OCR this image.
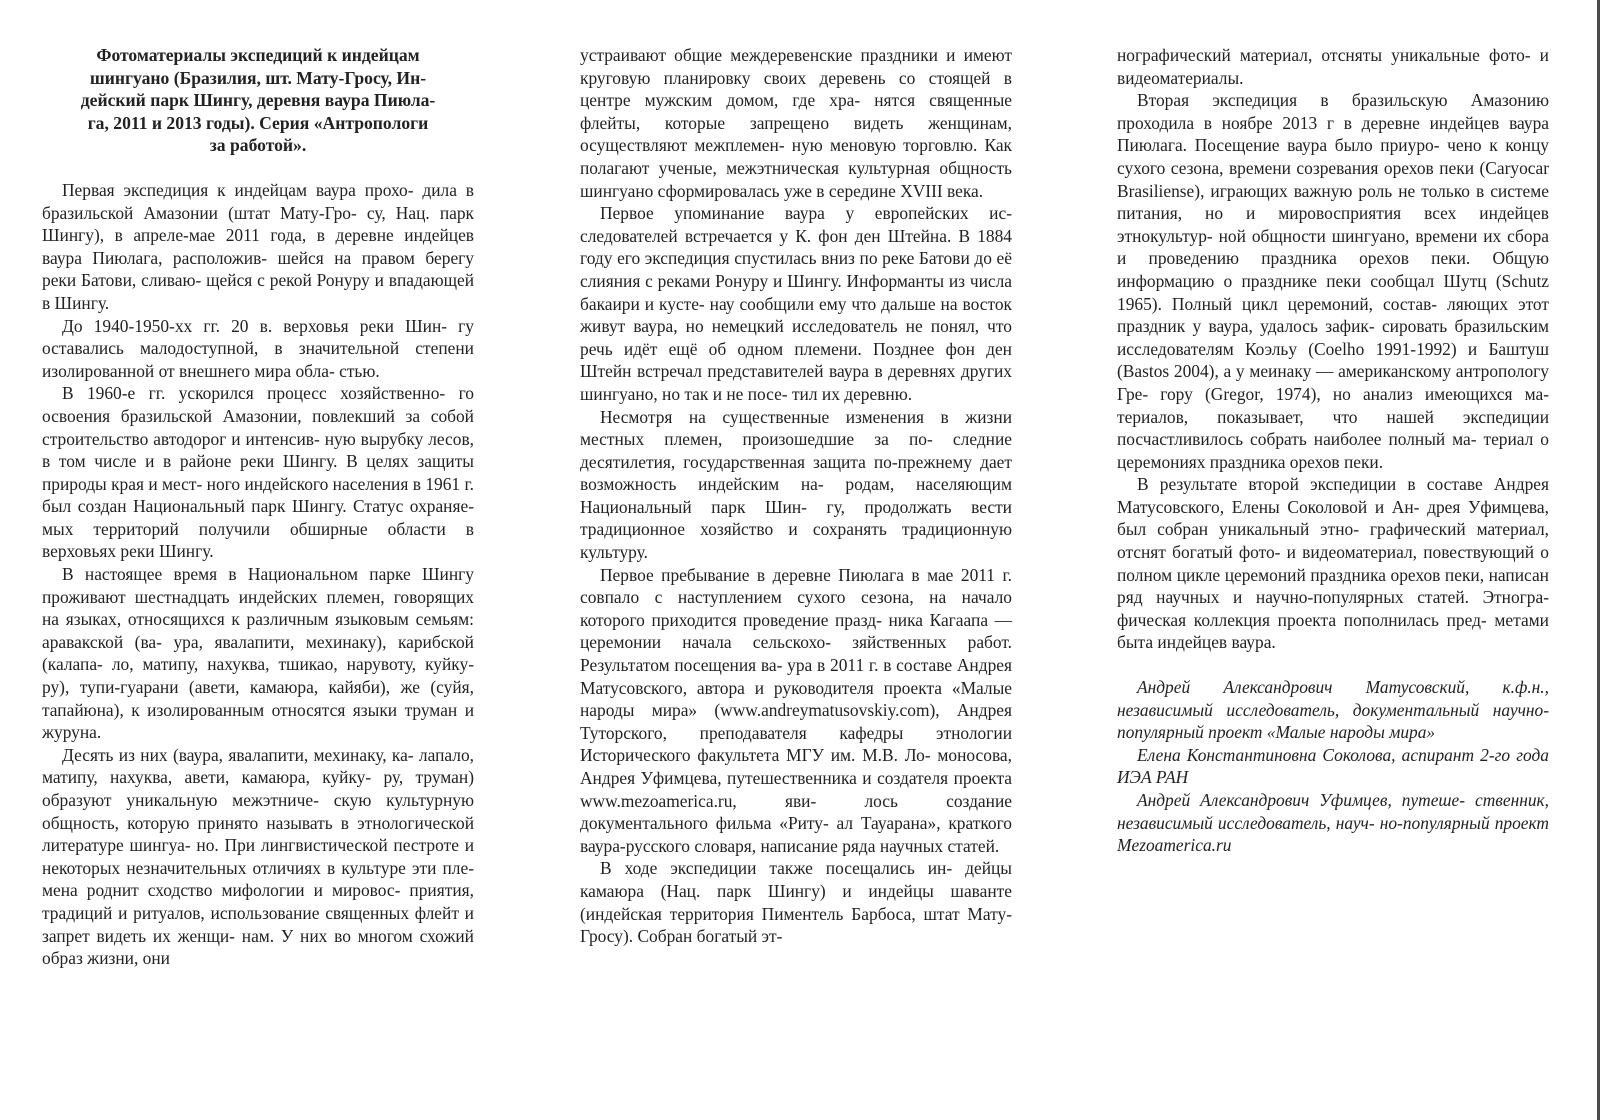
Фотоматериалы экспедиций к индейцам
шингуано (Бразилия, шт. Мату-Гросу, Ин-
дейский парк Шингу, деревня ваура Пиюла-
га, 2011 и 2013 годы). Серия «Антропологи
за работой».

Первая экспедиция к индейцам ваура прохо- дила в бразильской Амазонии (штат Мату-Гро- су, Нац. парк Шингу), в апреле-мае 2011 года, в деревне индейцев ваура Пиюлага, расположив- шейся на правом берегу реки Батови, сливаю- щейся с рекой Ронуру и впадающей в Шингу.

До 1940-1950-хх гг. 20 в. верховья реки Шин- гу оставались малодоступной, в значительной степени изолированной от внешнего мира обла- стью.

В 1960-е гг. ускорился процесс хозяйственно- го освоения бразильской Амазонии, повлекший за собой строительство автодорог и интенсив- ную вырубку лесов, в том числе и в районе реки Шингу. В целях защиты природы края и мест- ного индейского населения в 1961 г. был создан Национальный парк Шингу. Статус охраняе- мых территорий получили обширные области в верховьях реки Шингу.

В настоящее время в Национальном парке Шингу проживают шестнадцать индейских племен, говорящих на языках, относящихся к различным языковым семьям: аравакской (ва- ура, явалапити, мехинаку), карибской (калапа- ло, матипу, нахуква, тшикао, нарувоту, куйку- ру), тупи-гуарани (авети, камаюра, кайяби), же (суйя, тапайюна), к изолированным относятся языки труман и журуна.

Десять из них (ваура, явалапити, мехинаку, ка- лапало, матипу, нахуква, авети, камаюра, куйку- ру, труман) образуют уникальную межэтниче- скую культурную общность, которую принято называть в этнологической литературе шингуа- но. При лингвистической пестроте и некоторых незначительных отличиях в культуре эти пле- мена роднит сходство мифологии и мировос- приятия, традиций и ритуалов, использование священных флейт и запрет видеть их женщи- нам. У них во многом схожий образ жизни, они

устраивают общие междеревенские праздники и имеют круговую планировку своих деревень со стоящей в центре мужским домом, где хра- нятся священные флейты, которые запрещено видеть женщинам, осуществляют межплемен- ную меновую торговлю. Как полагают ученые, межэтническая культурная общность шингуано сформировалась уже в середине XVIII века.

Первое упоминание ваура у европейских ис- следователей встречается у К. фон ден Штейна. В 1884 году его экспедиция спустилась вниз по реке Батови до её слияния с реками Ронуру и Шингу. Информанты из числа бакаири и кусте- нау сообщили ему что дальше на восток живут ваура, но немецкий исследователь не понял, что речь идёт ещё об одном племени. Позднее фон ден Штейн встречал представителей ваура в деревнях других шингуано, но так и не посе- тил их деревню.

Несмотря на существенные изменения в жизни местных племен, произошедшие за по- следние десятилетия, государственная защита по-прежнему дает возможность индейским на- родам, населяющим Национальный парк Шин- гу, продолжать вести традиционное хозяйство и сохранять традиционную культуру.

Первое пребывание в деревне Пиюлага в мае 2011 г. совпало с наступлением сухого сезона, на начало которого приходится проведение празд- ника Кагаапа — церемонии начала сельскохо- зяйственных работ. Результатом посещения ва- ура в 2011 г. в составе Андрея Матусовского, автора и руководителя проекта «Малые народы мира» (www.andreymatusovskiy.com), Андрея Туторского, преподавателя кафедры этнологии Исторического факультета МГУ им. М.В. Ло- моносова, Андрея Уфимцева, путешественника и создателя проекта www.mezoamerica.ru, яви- лось создание документального фильма «Риту- ал Тауарана», краткого ваура-русского словаря, написание ряда научных статей.

В ходе экспедиции также посещались ин- дейцы камаюра (Нац. парк Шингу) и индейцы шаванте (индейская территория Пиментель Барбоса, штат Мату-Гросу). Собран богатый эт-

нографический материал, отсняты уникальные фото- и видеоматериалы.

Вторая экспедиция в бразильскую Амазонию проходила в ноябре 2013 г в деревне индейцев ваура Пиюлага. Посещение ваура было приуро- чено к концу сухого сезона, времени созревания орехов пеки (Caryocar Brasiliense), играющих важную роль не только в системе питания, но и мировосприятия всех индейцев этнокультур- ной общности шингуано, времени их сбора и проведению праздника орехов пеки. Общую информацию о празднике пеки сообщал Шутц (Schutz 1965). Полный цикл церемоний, состав- ляющих этот праздник у ваура, удалось зафик- сировать бразильским исследователям Коэльу (Coelho 1991-1992) и Баштуш (Bastos 2004), а у меинаку — американскому антропологу Гре- гору (Gregor, 1974), но анализ имеющихся ма- териалов, показывает, что нашей экспедиции посчастливилось собрать наиболее полный ма- териал о церемониях праздника орехов пеки.

В результате второй экспедиции в составе Андрея Матусовского, Елены Соколовой и Ан- дрея Уфимцева, был собран уникальный этно- графический материал, отснят богатый фото- и видеоматериал, повествующий о полном цикле церемоний праздника орехов пеки, написан ряд научных и научно-популярных статей. Этногра- фическая коллекция проекта пополнилась пред- метами быта индейцев ваура.

Андрей Александрович Матусовский, к.ф.н., независимый исследователь, документальный научно-популярный проект «Малые народы мира»

Елена Константиновна Соколова, аспирант 2-го года ИЭА РАН

Андрей Александрович Уфимцев, путеше- ственник, независимый исследователь, науч- но-популярный проект Mezoamerica.ru
